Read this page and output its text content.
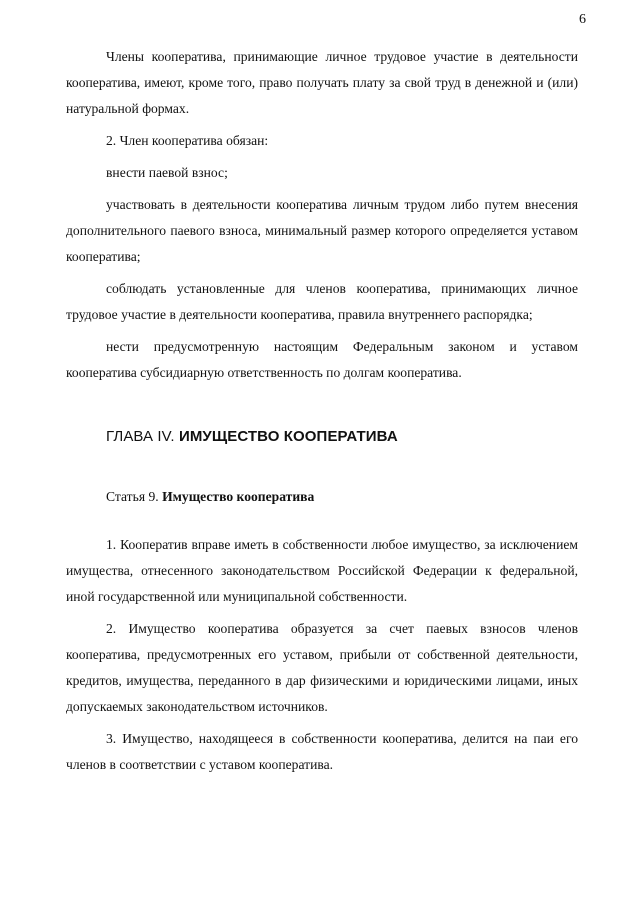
6

Члены кооператива, принимающие личное трудовое участие в деятельности кооператива, имеют, кроме того, право получать плату за свой труд в денежной и (или) натуральной формах.

2. Член кооператива обязан:

внести паевой взнос;

участвовать в деятельности кооператива личным трудом либо путем внесения дополнительного паевого взноса, минимальный размер которого определяется уставом кооператива;

соблюдать установленные для членов кооператива, принимающих личное трудовое участие в деятельности кооператива, правила внутреннего распорядка;

нести предусмотренную настоящим Федеральным законом и уставом кооператива субсидиарную ответственность по долгам кооператива.

ГЛАВА IV. ИМУЩЕСТВО КООПЕРАТИВА

Статья 9. Имущество кооператива

1. Кооператив вправе иметь в собственности любое имущество, за исключением имущества, отнесенного законодательством Российской Федерации к федеральной, иной государственной или муниципальной собственности.

2. Имущество кооператива образуется за счет паевых взносов членов кооператива, предусмотренных его уставом, прибыли от собственной деятельности, кредитов, имущества, переданного в дар физическими и юридическими лицами, иных допускаемых законодательством источников.

3. Имущество, находящееся в собственности кооператива, делится на паи его членов в соответствии с уставом кооператива.
